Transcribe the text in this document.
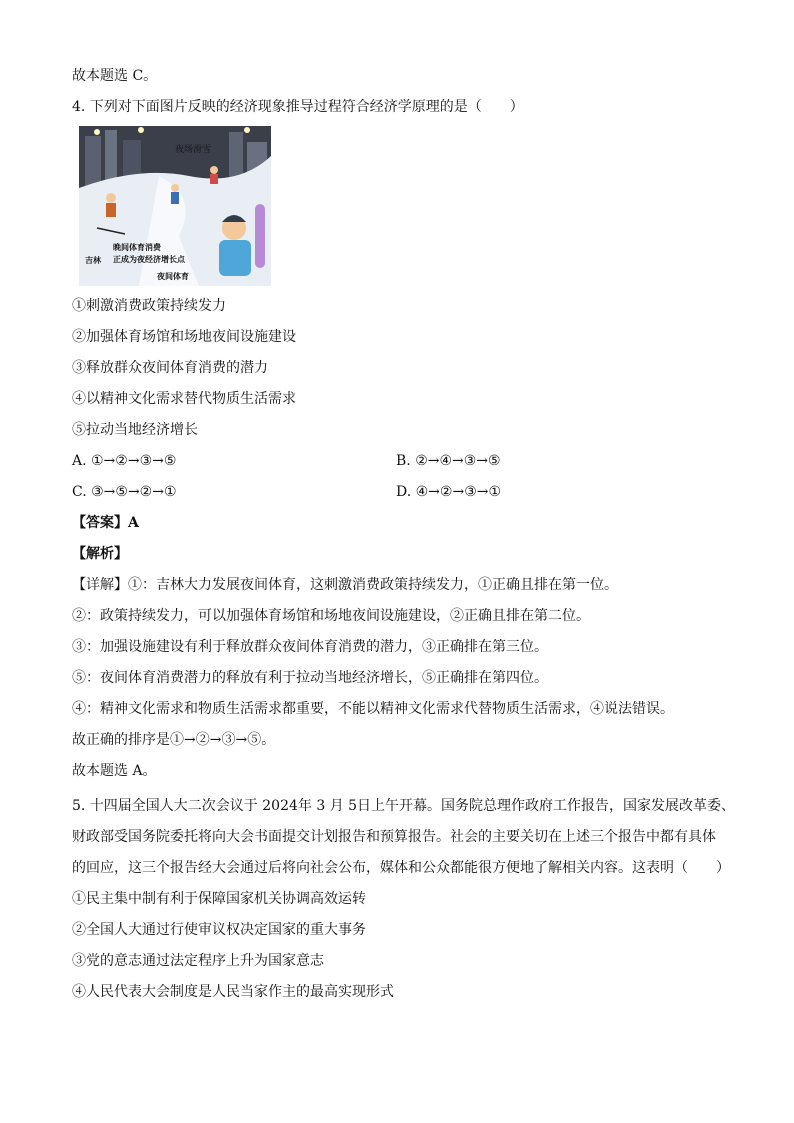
故本题选 C。
4. 下列对下面图片反映的经济现象推导过程符合经济学原理的是（　　）
夜场滑雪
晚间体育消费
正成为夜经济增长点
吉林
夜间体育
①刺激消费政策持续发力
②加强体育场馆和场地夜间设施建设
③释放群众夜间体育消费的潜力
④以精神文化需求替代物质生活需求
⑤拉动当地经济增长
A. ①→②→③→⑤	B. ②→④→③→⑤
C. ③→⑤→②→①	D. ④→②→③→①
【答案】A
【解析】
【详解】①：吉林大力发展夜间体育，这刺激消费政策持续发力，①正确且排在第一位。
②：政策持续发力，可以加强体育场馆和场地夜间设施建设，②正确且排在第二位。
③：加强设施建设有利于释放群众夜间体育消费的潜力，③正确排在第三位。
⑤：夜间体育消费潜力的释放有利于拉动当地经济增长，⑤正确排在第四位。
④：精神文化需求和物质生活需求都重要，不能以精神文化需求代替物质生活需求，④说法错误。
故正确的排序是①→②→③→⑤。
故本题选 A。
5. 十四届全国人大二次会议于 2024年 3 月 5日上午开幕。国务院总理作政府工作报告，国家发展改革委、
财政部受国务院委托将向大会书面提交计划报告和预算报告。社会的主要关切在上述三个报告中都有具体
的回应，这三个报告经大会通过后将向社会公布，媒体和公众都能很方便地了解相关内容。这表明（　　）
①民主集中制有利于保障国家机关协调高效运转
②全国人大通过行使审议权决定国家的重大事务
③党的意志通过法定程序上升为国家意志
④人民代表大会制度是人民当家作主的最高实现形式
